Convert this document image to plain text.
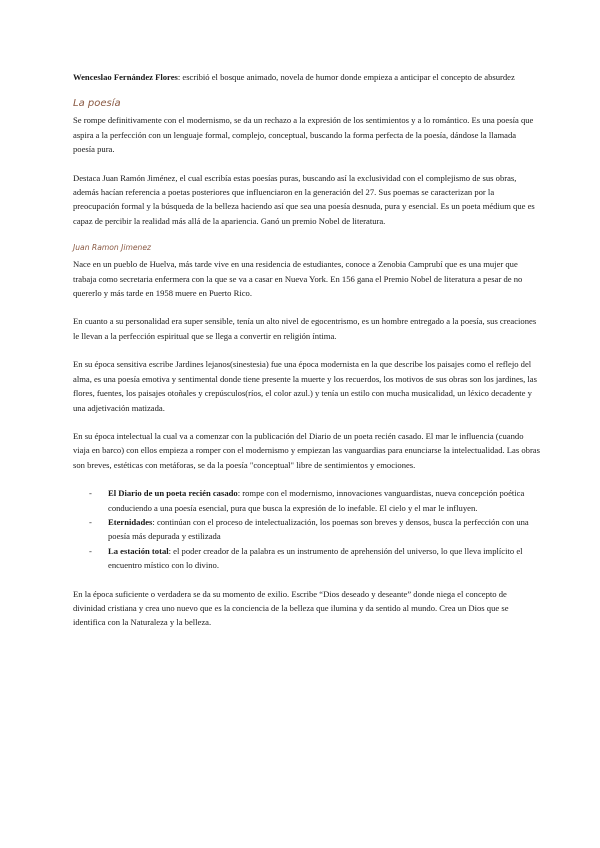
Wenceslao Fernández Flores: escribió el bosque animado, novela de humor donde empieza a anticipar el concepto de absurdez

La poesía

Se rompe definitivamente con el modernismo, se da un rechazo a la expresión de los sentimientos y a lo romántico. Es una poesía que aspira a la perfección con un lenguaje formal, complejo, conceptual, buscando la forma perfecta de la poesía, dándose la llamada poesía pura.

Destaca Juan Ramón Jiménez, el cual escribía estas poesías puras, buscando así la exclusividad con el complejismo de sus obras, además hacían referencia a poetas posteriores que influenciaron en la generación del 27. Sus poemas se caracterizan por la preocupación formal y la búsqueda de la belleza haciendo así que sea una poesía desnuda, pura y esencial. Es un poeta médium que es capaz de percibir la realidad más allá de la apariencia. Ganó un premio Nobel de literatura.

Juan Ramon Jimenez

Nace en un pueblo de Huelva, más tarde vive en una residencia de estudiantes, conoce a Zenobia Camprubí que es una mujer que trabaja como secretaria enfermera con la que se va a casar en Nueva York. En 156 gana el Premio Nobel de literatura a pesar de no quererlo y más tarde en 1958 muere en Puerto Rico.

En cuanto a su personalidad era super sensible, tenía un alto nivel de egocentrismo, es un hombre entregado a la poesía, sus creaciones le llevan a la perfección espiritual que se llega a convertir en religión íntima.

En su época sensitiva escribe Jardines lejanos(sinestesia) fue una época modernista en la que describe los paisajes como el reflejo del alma, es una poesía emotiva y sentimental donde tiene presente la muerte y los recuerdos, los motivos de sus obras son los jardines, las flores, fuentes, los paisajes otoñales y crepúsculos(ríos, el color azul.) y tenía un estilo con mucha musicalidad, un léxico decadente y una adjetivación matizada.

En su época intelectual la cual va a comenzar con la publicación del Diario de un poeta recién casado. El mar le influencia (cuando viaja en barco) con ellos empieza a romper con el modernismo y empiezan las vanguardias para enunciarse la intelectualidad. Las obras son breves, estéticas con metáforas, se da la poesía "conceptual" libre de sentimientos y emociones.

- El Diario de un poeta recién casado: rompe con el modernismo, innovaciones vanguardistas, nueva concepción poética conduciendo a una poesía esencial, pura que busca la expresión de lo inefable. El cielo y el mar le influyen.
- Eternidades: continúan con el proceso de intelectualización, los poemas son breves y densos, busca la perfección con una poesía más depurada y estilizada
- La estación total: el poder creador de la palabra es un instrumento de aprehensión del universo, lo que lleva implícito el encuentro místico con lo divino.

En la época suficiente o verdadera se da su momento de exilio. Escribe “Dios deseado y deseante” donde niega el concepto de divinidad cristiana y crea uno nuevo que es la conciencia de la belleza que ilumina y da sentido al mundo. Crea un Dios que se identifica con la Naturaleza y la belleza.
